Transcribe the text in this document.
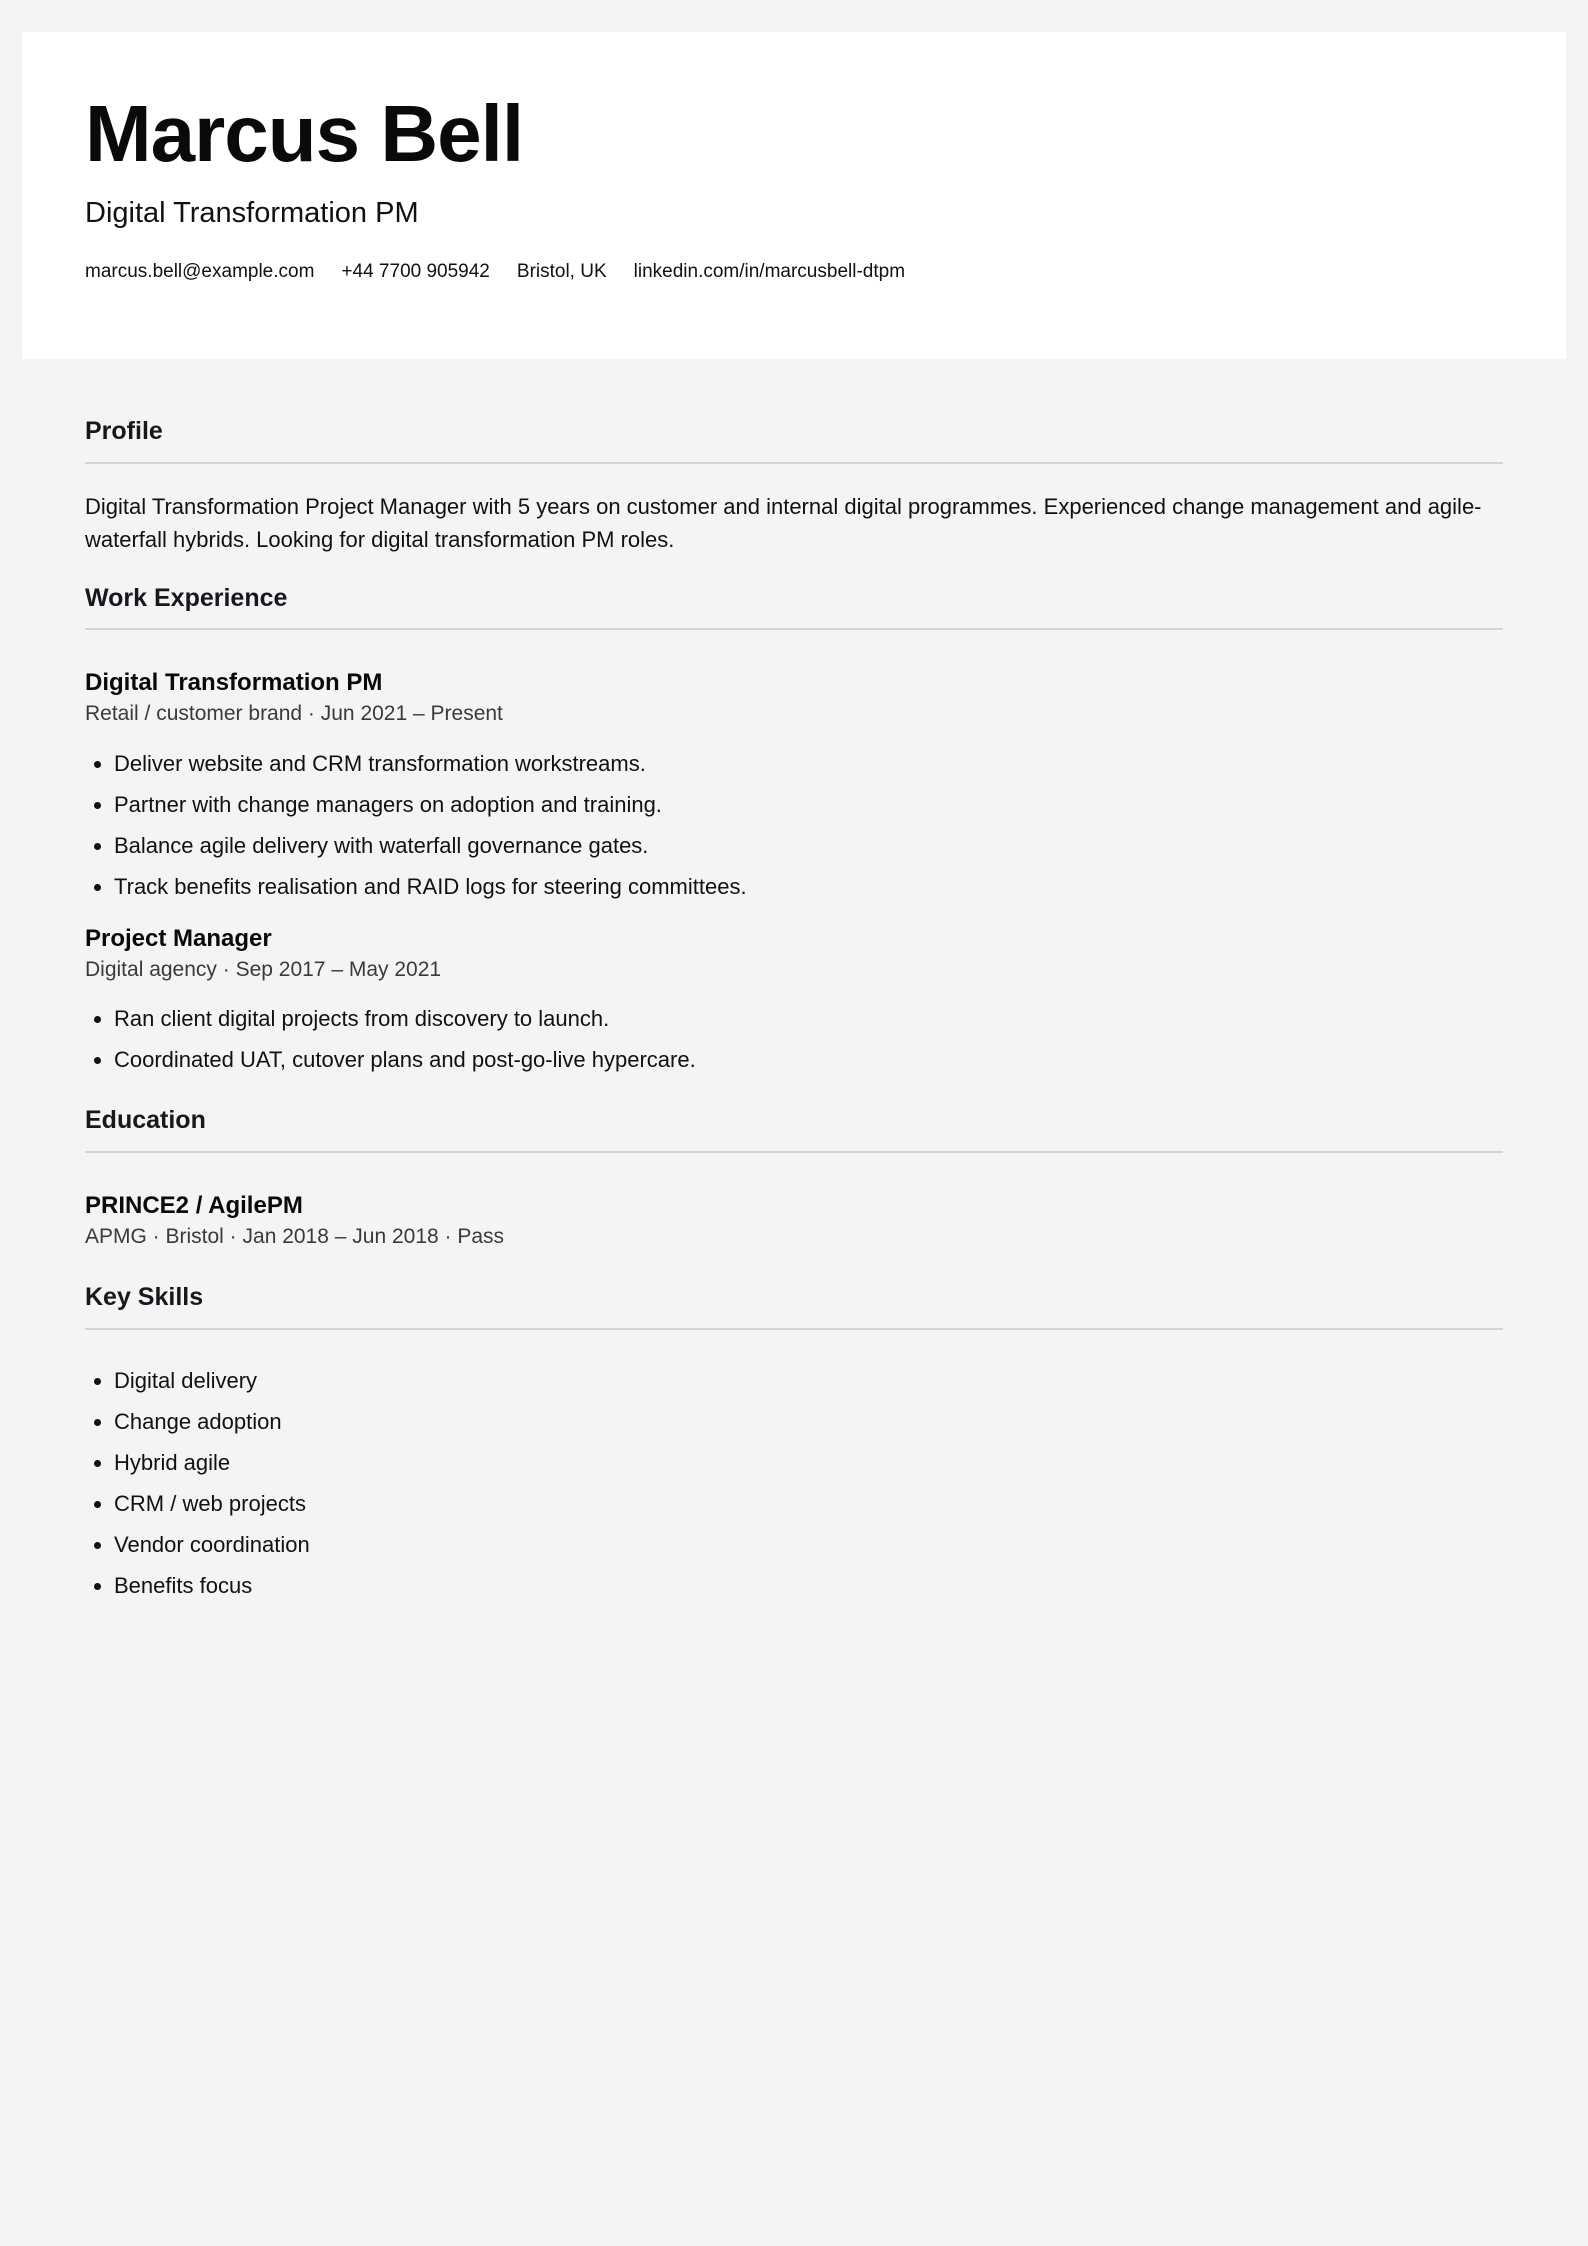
Marcus Bell

Digital Transformation PM

marcus.bell@example.com +44 7700 905942 Bristol, UK linkedin.com/in/marcusbell-dtpm
Profile

Digital Transformation Project Manager with 5 years on customer and internal digital programmes. Experienced change management and agile-waterfall hybrids. Looking for digital transformation PM roles.

Work Experience
Digital Transformation PM

Retail / customer brand · Jun 2021 – Present

• Deliver website and CRM transformation workstreams.
• Partner with change managers on adoption and training.
• Balance agile delivery with waterfall governance gates.
• Track benefits realisation and RAID logs for steering committees.
Project Manager

Digital agency · Sep 2017 – May 2021

• Ran client digital projects from discovery to launch.
• Coordinated UAT, cutover plans and post-go-live hypercare.
Education
PRINCE2 / AgilePM

APMG · Bristol · Jan 2018 – Jun 2018 · Pass

Key Skills
• Digital delivery
• Change adoption
• Hybrid agile
• CRM / web projects
• Vendor coordination
• Benefits focus
